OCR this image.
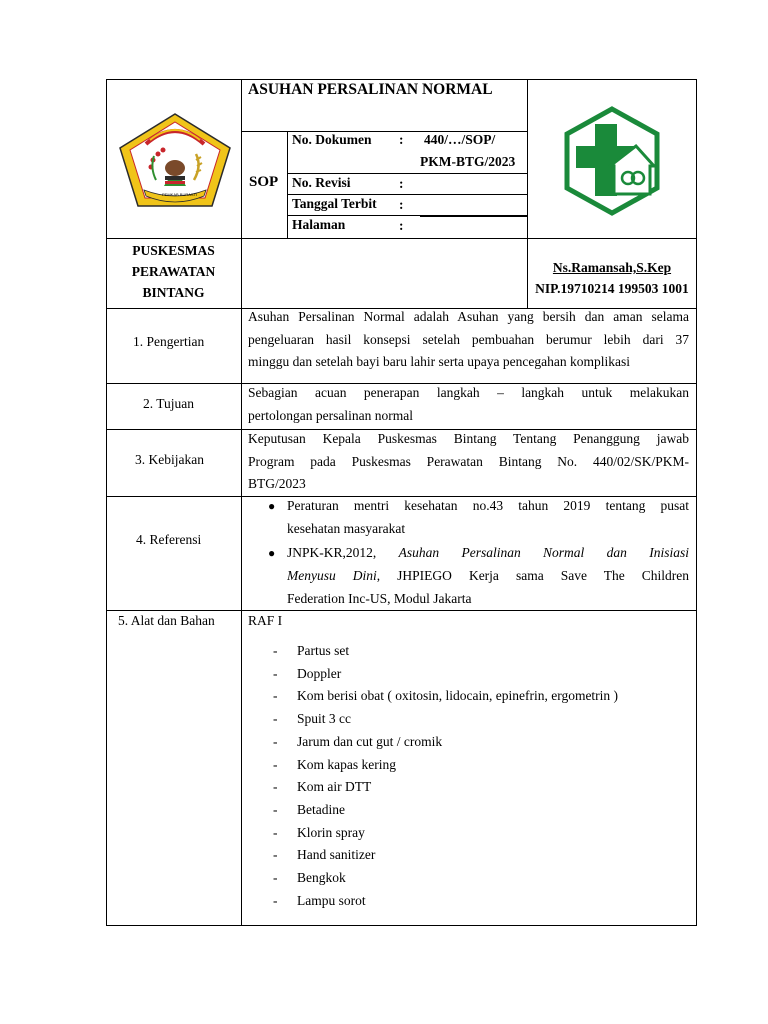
PEMKAB BURASTI
ASUHAN PERSALINAN NORMAL
SOP
No. Dokumen : 440/…/SOP/
PKM-BTG/2023
No. Revisi	:
Tanggal Terbit :
Halaman	:
PUSKESMAS
PERAWATAN
BINTANG
Ns.Ramansah,S.Kep
NIP.19710214 199503 1001
1. Pengertian
2. Tujuan
3. Kebijakan
4. Referensi
5. Alat dan Bahan
Asuhan Persalinan Normal adalah Asuhan yang bersih dan aman selama
pengeluaran hasil konsepsi setelah pembuahan berumur lebih dari 37
minggu dan setelah bayi baru lahir serta upaya pencegahan komplikasi
Sebagian acuan penerapan langkah – langkah untuk melakukan
pertolongan persalinan normal
Keputusan Kepala Puskesmas Bintang Tentang Penanggung jawab
Program pada Puskesmas Perawatan Bintang No. 440/02/SK/PKM-
BTG/2023
● Peraturan mentri kesehatan no.43 tahun 2019 tentang pusat
kesehatan masyarakat
● JNPK-KR,2012, Asuhan Persalinan Normal dan Inisiasi
Menyusu Dini, JHPIEGO Kerja sama Save The Children
Federation Inc-US, Modul Jakarta
RAF I
- Partus set
- Doppler
- Kom berisi obat ( oxitosin, lidocain, epinefrin, ergometrin )
- Spuit 3 cc
- Jarum dan cut gut / cromik
- Kom kapas kering
- Kom air DTT
- Betadine
- Klorin spray
- Hand sanitizer
- Bengkok
- Lampu sorot
